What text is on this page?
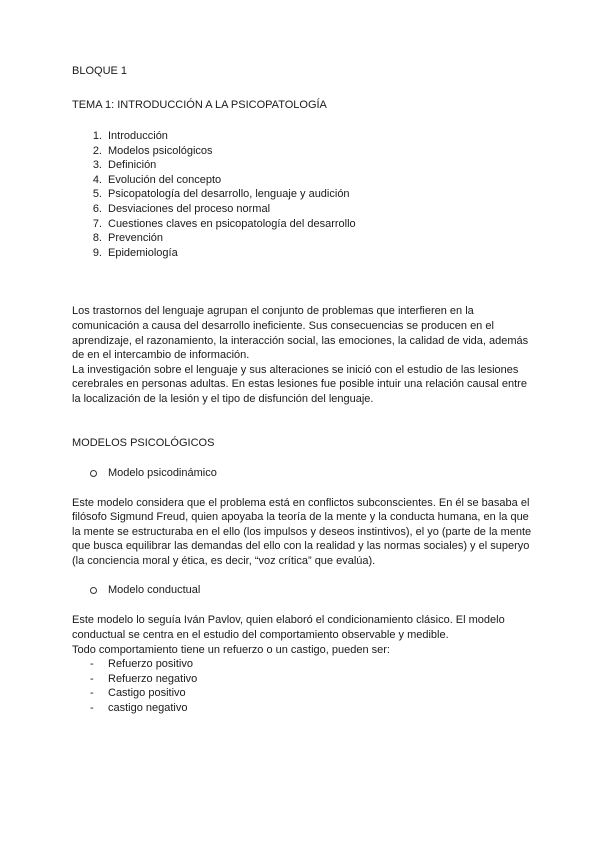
BLOQUE 1
TEMA 1: INTRODUCCIÓN A LA PSICOPATOLOGÍA
1. Introducción
2. Modelos psicológicos
3. Definición
4. Evolución del concepto
5. Psicopatología del desarrollo, lenguaje y audición
6. Desviaciones del proceso normal
7. Cuestiones claves en psicopatología del desarrollo
8. Prevención
9. Epidemiología

Los trastornos del lenguaje agrupan el conjunto de problemas que interfieren en la comunicación a causa del desarrollo ineficiente. Sus consecuencias se producen en el aprendizaje, el razonamiento, la interacción social, las emociones, la calidad de vida, además de en el intercambio de información.

La investigación sobre el lenguaje y sus alteraciones se inició con el estudio de las lesiones cerebrales en personas adultas. En estas lesiones fue posible intuir una relación causal entre la localización de la lesión y el tipo de disfunción del lenguaje.

MODELOS PSICOLÓGICOS
Modelo psicodinámico

Este modelo considera que el problema está en conflictos subconscientes. En él se basaba el filósofo Sigmund Freud, quien apoyaba la teoría de la mente y la conducta humana, en la que la mente se estructuraba en el ello (los impulsos y deseos instintivos), el yo (parte de la mente que busca equilibrar las demandas del ello con la realidad y las normas sociales) y el superyo (la conciencia moral y ética, es decir, “voz crítica” que evalúa).

Modelo conductual

Este modelo lo seguía Iván Pavlov, quien elaboró el condicionamiento clásico. El modelo conductual se centra en el estudio del comportamiento observable y medible.

Todo comportamiento tiene un refuerzo o un castigo, pueden ser:

- Refuerzo positivo
- Refuerzo negativo
- Castigo positivo
- castigo negativo
